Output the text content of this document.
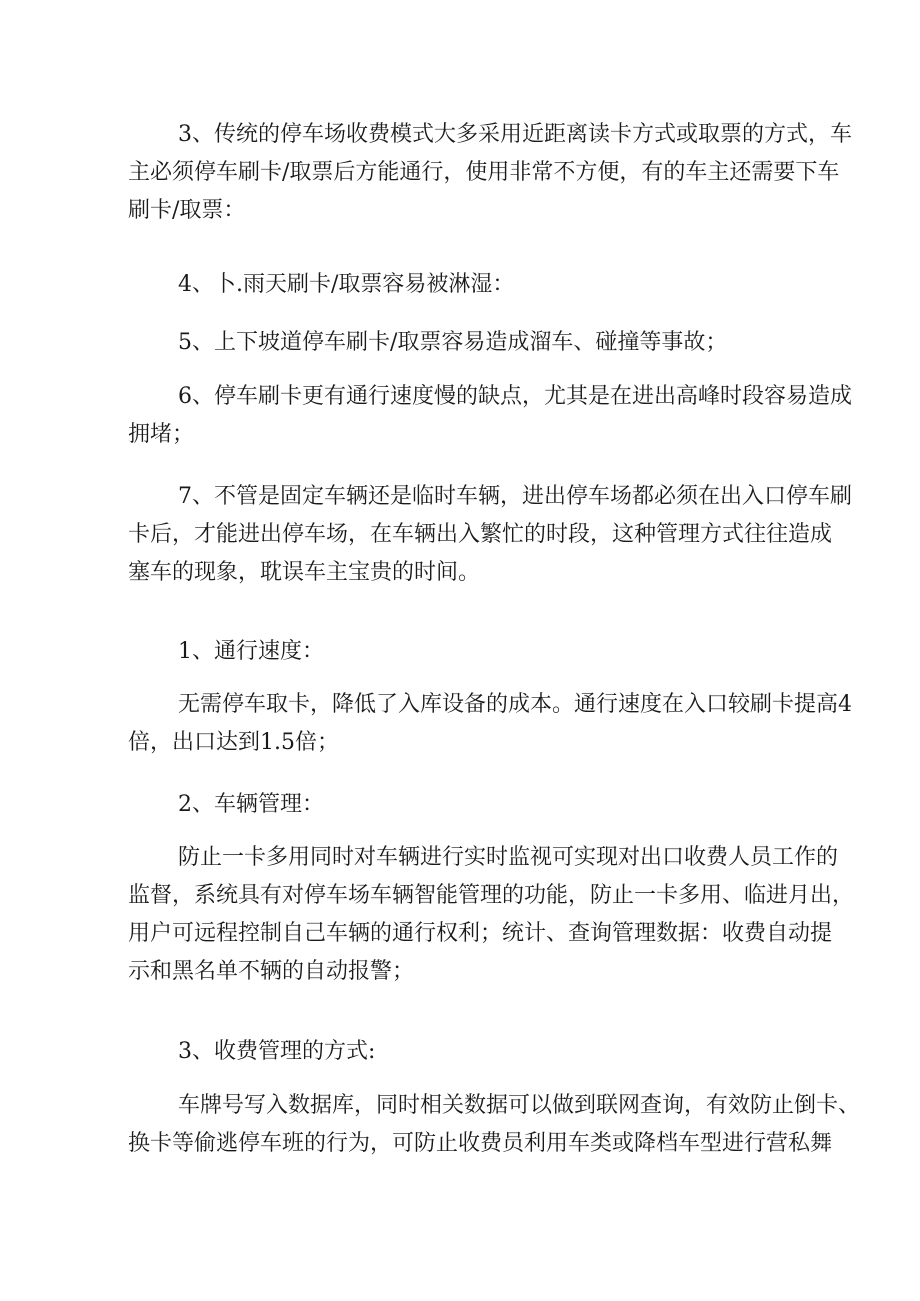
3、传统的停车场收费模式大多采用近距离读卡方式或取票的方式，车
主必须停车刷卡/取票后方能通行，使用非常不方便，有的车主还需要下车
刷卡/取票：
4、卜.雨天刷卡/取票容易被淋湿：
5、上下坡道停车刷卡/取票容易造成溜车、碰撞等事故；
6、停车刷卡更有通行速度慢的缺点，尤其是在进出高峰时段容易造成
拥堵；
7、不管是固定车辆还是临时车辆，进出停车场都必须在出入口停车刷
卡后，才能进出停车场，在车辆出入繁忙的时段，这种管理方式往往造成
塞车的现象，耽误车主宝贵的时间。
1、通行速度：
无需停车取卡，降低了入库设备的成本。通行速度在入口较刷卡提高4
倍，出口达到1.5倍；
2、车辆管理：
防止一卡多用同时对车辆进行实时监视可实现对出口收费人员工作的
监督，系统具有对停车场车辆智能管理的功能，防止一卡多用、临进月出，
用户可远程控制自己车辆的通行权利；统计、查询管理数据：收费自动提
示和黑名单不辆的自动报警；
3、收费管理的方式:
车牌号写入数据库，同时相关数据可以做到联网查询，有效防止倒卡、
换卡等偷逃停车班的行为，可防止收费员利用车类或降档车型进行营私舞
